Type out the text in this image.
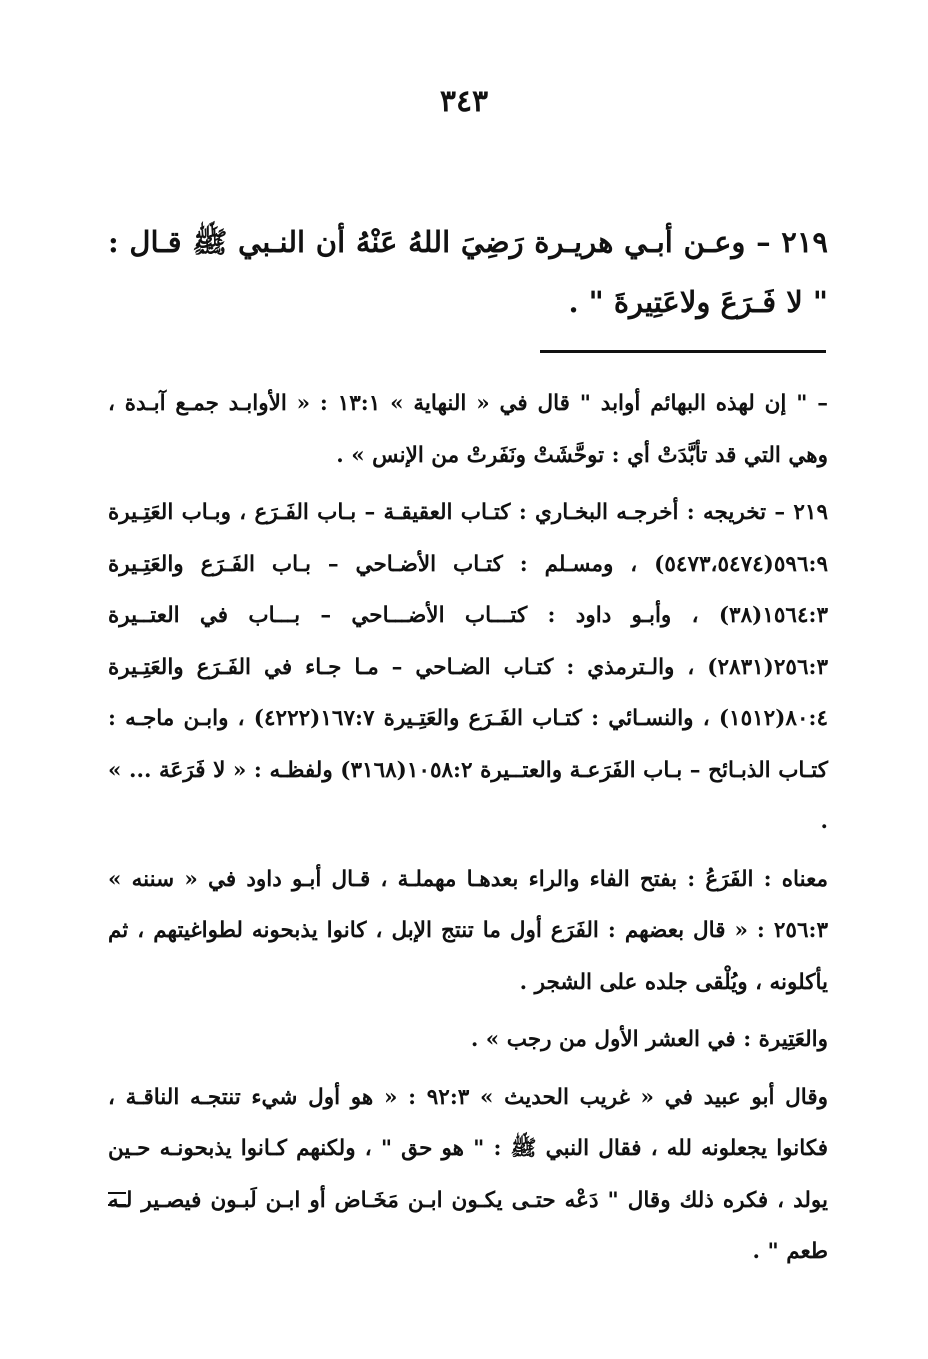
٣٤٣
٢١٩ – وعـن أبـي هريـرة رَضِيَ اللهُ عَنْهُ أن النـبي ﷺ قـال : " لا فَـرَعَ ولاعَتِيرةَ " .

– " إن لهذه البهائم أوابد " قال في « النهاية » ١٣:١ : « الأوابـد جمـع آبـدة ، وهي التي قد تأبَّدَتْ أي : توحَّشَتْ ونَفَرتْ من الإنس » .

٢١٩ – تخريجه : أخرجـه البخـاري : كتـاب العقيقـة – بـاب الفَـرَع ، وبـاب العَتِـيرة ٥٩٦:٩(٥٤٧٣،٥٤٧٤) ، ومسـلم : كتـاب الأضـاحي – بـاب الفَـرَع والعَتِـيرة ١٥٦٤:٣(٣٨) ، وأبـو داود : كتـــاب الأضـــاحي – بـــاب في العتــيرة ٢٥٦:٣(٢٨٣١) ، والـترمذي : كتـاب الضـاحي – مـا جـاء في الفَـرَع والعَتِـيرة ٨٠:٤(١٥١٢) ، والنسـائي : كتـاب الفَـرَع والعَتِـيرة ١٦٧:٧(٤٢٢٢) ، وابـن ماجـه : كتـاب الذبـائح – بـاب الفَرَعـة والعتــيرة ١٠٥٨:٢(٣١٦٨) ولفظـه : « لا فَرَعَة ... » .

معناه : الفَرَعُ : بفتح الفاء والراء بعدهـا مهملـة ، قـال أبـو داود في « سننه » ٢٥٦:٣ : « قال بعضهم : الفَرَع أول ما تنتج الإبل ، كانوا يذبحونه لطواغيتهم ، ثم يأكلونه ، ويُلْقى جلده على الشجر .

والعَتِيرة : في العشر الأول من رجب » .

وقال أبو عبيد في « غريب الحديث » ٩٢:٣ : « هو أول شيء تنتجـه الناقـة ، فكانوا يجعلونه لله ، فقال النبي ﷺ : " هو حق " ، ولكنهم كـانوا يذبحونـه حـين يولد ، فكره ذلك وقال " دَعْه حتـى يكـون ابـن مَخَـاض أو ابـن لَبـون فيصـير لـه طعم " .
